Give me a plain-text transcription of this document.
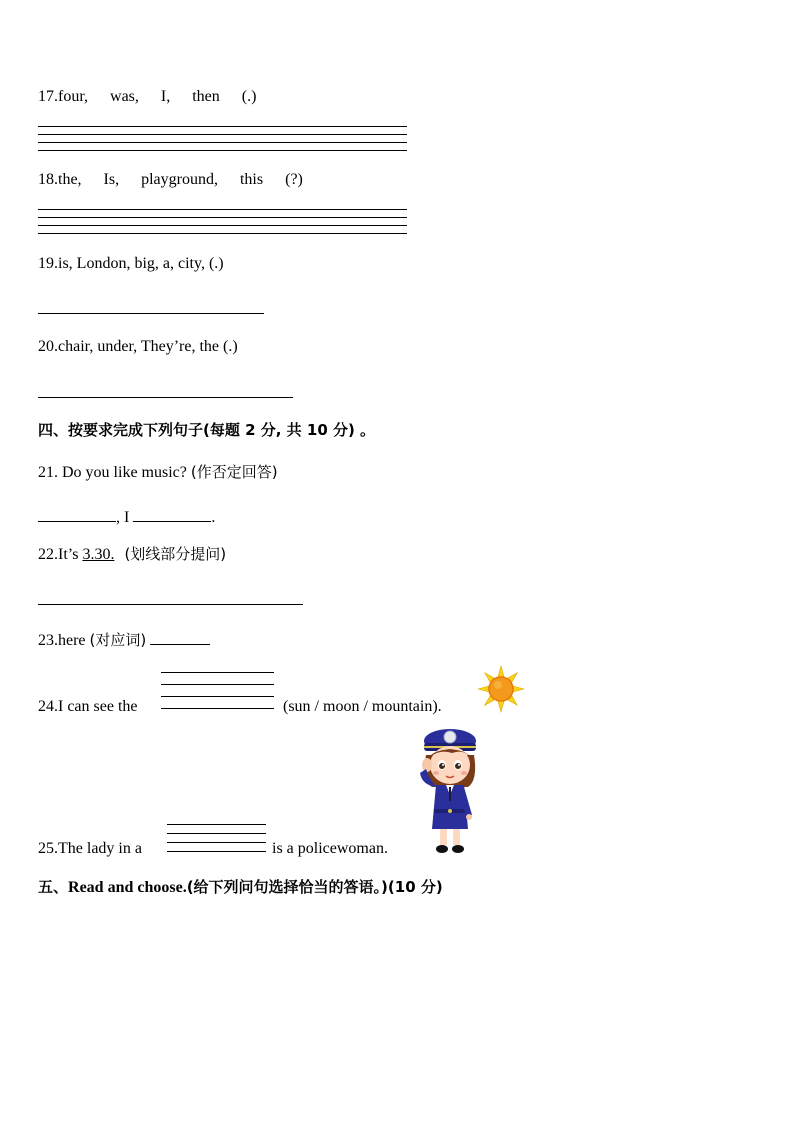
17.four, was, I, then (.)
18.the, Is, playground, this (?)
19.is, London, big, a, city, (.)
20.chair, under, They’re, the (.)
四、按要求完成下列句子(每题 2 分, 共 10 分) 。
21. Do you like music? (作否定回答)
, I	.
22.It’s 3.30. (划线部分提问)
23.here (对应词)
24.I can see the	(sun / moon / mountain).
25.The lady in a	is a policewoman.
五、Read and choose.(给下列问句选择恰当的答语。)(10 分)
